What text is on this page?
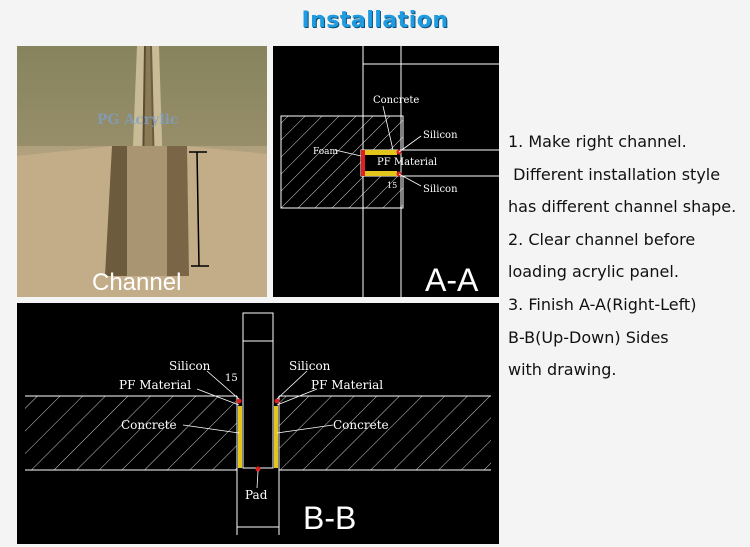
Installation
PG Acrylic
Channel
Concrete
Silicon
Foam
PF Material
15	Silicon
A-A
Silicon	Silicon
15
PF Material	PF Material
Concrete	Concrete
Pad
B-B
1. Make right channel.
Different installation style
has different channel shape.
2. Clear channel before
loading acrylic panel.
3. Finish A-A(Right-Left)
B-B(Up-Down) Sides
with drawing.
